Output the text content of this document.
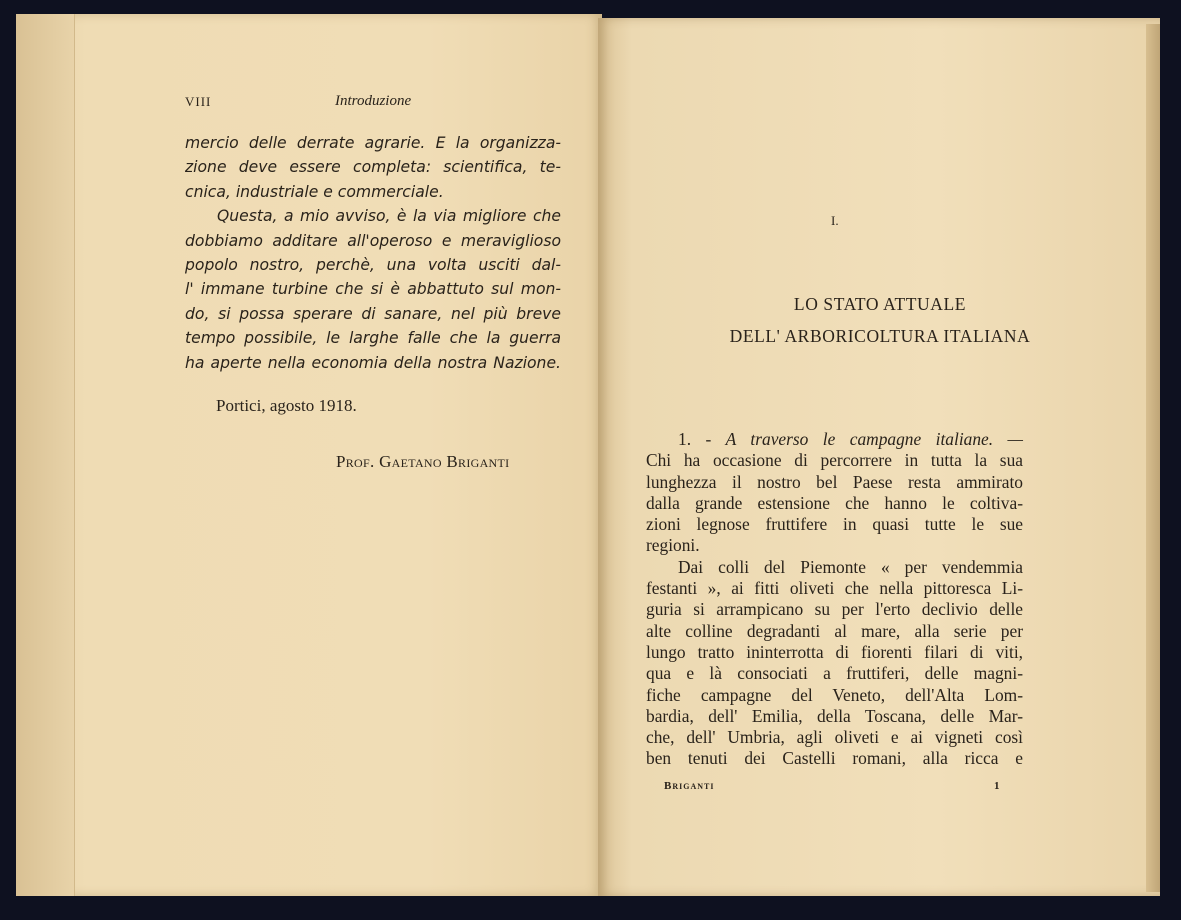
VIII	Introduzione
mercio delle derrate agrarie. E la organizza-
zione deve essere completa: scientifica, te-
cnica, industriale e commerciale.
Questa, a mio avviso, è la via migliore che
dobbiamo additare all'operoso e meraviglioso
popolo nostro, perchè, una volta usciti dal-
l' immane turbine che si è abbattuto sul mon-
do, si possa sperare di sanare, nel più breve
tempo possibile, le larghe falle che la guerra
ha aperte nella economia della nostra Nazione.
Portici, agosto 1918.
Prof. Gaetano Briganti
I.
LO STATO ATTUALE
DELL' ARBORICOLTURA ITALIANA
1. - A traverso le campagne italiane. —
Chi ha occasione di percorrere in tutta la sua
lunghezza il nostro bel Paese resta ammirato
dalla grande estensione che hanno le coltiva-
zioni legnose fruttifere in quasi tutte le sue
regioni.
Dai colli del Piemonte « per vendemmia
festanti », ai fitti oliveti che nella pittoresca Li-
guria si arrampicano su per l'erto declivio delle
alte colline degradanti al mare, alla serie per
lungo tratto ininterrotta di fiorenti filari di viti,
qua e là consociati a fruttiferi, delle magni-
fiche campagne del Veneto, dell'Alta Lom-
bardia, dell' Emilia, della Toscana, delle Mar-
che, dell' Umbria, agli oliveti e ai vigneti così
ben tenuti dei Castelli romani, alla ricca e
Briganti	1
